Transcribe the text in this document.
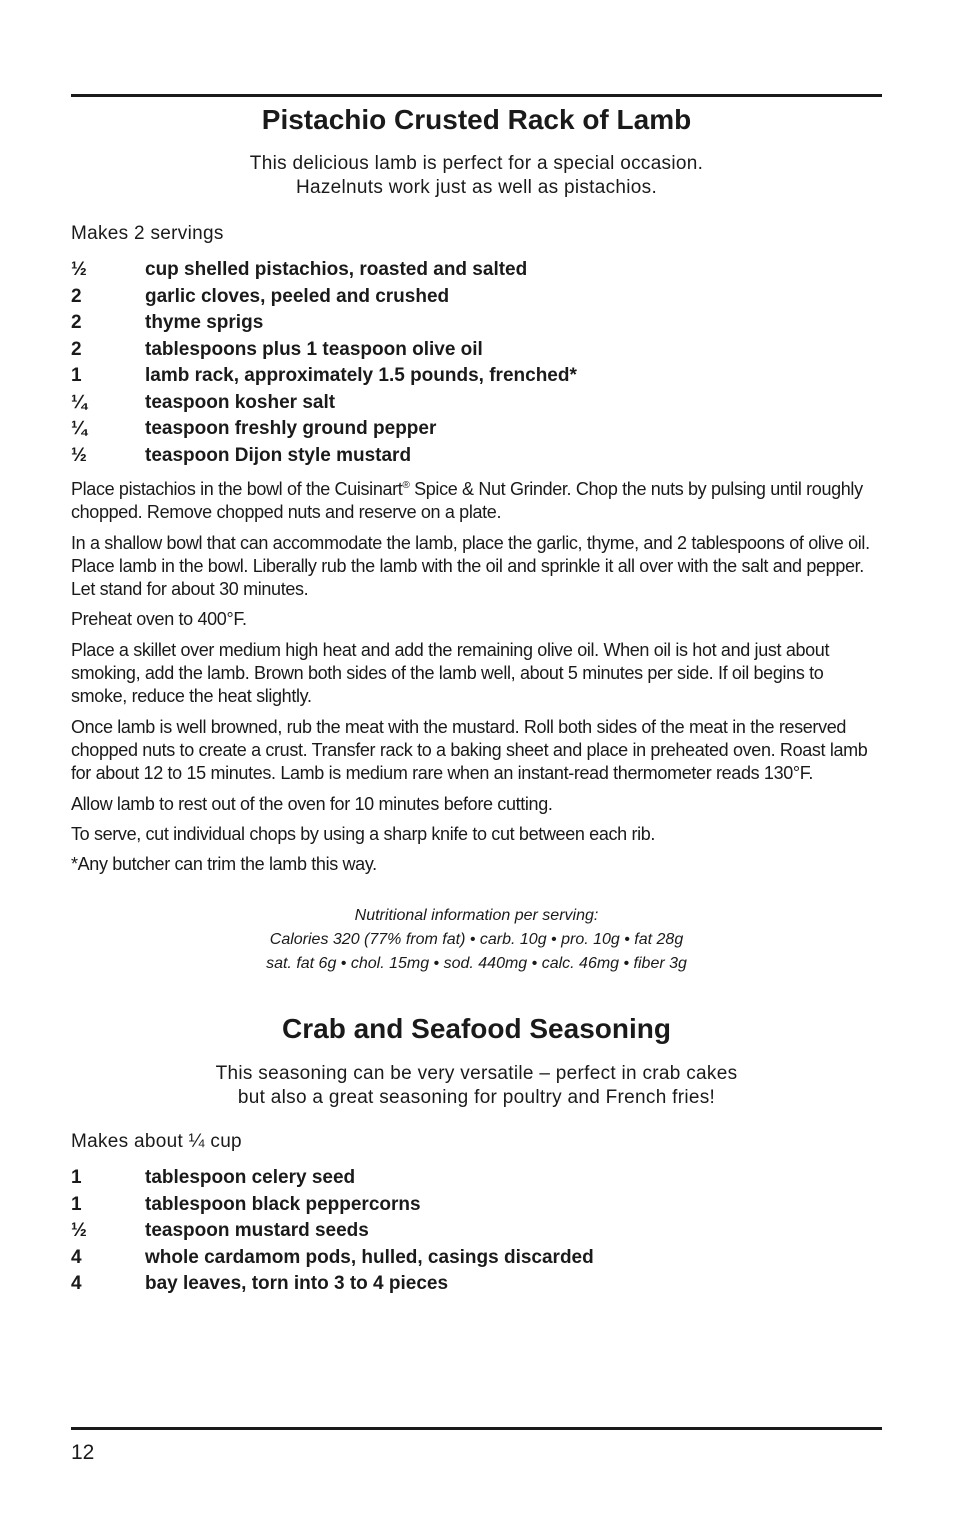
Pistachio Crusted Rack of Lamb

This delicious lamb is perfect for a special occasion.

Hazelnuts work just as well as pistachios.

Makes 2 servings

½	cup shelled pistachios, roasted and salted
2	garlic cloves, peeled and crushed
2	thyme sprigs
2	tablespoons plus 1 teaspoon olive oil
1	lamb rack, approximately 1.5 pounds, frenched*
¼	teaspoon kosher salt
¼	teaspoon freshly ground pepper
½	teaspoon Dijon style mustard

Place pistachios in the bowl of the Cuisinart® Spice & Nut Grinder. Chop the nuts by pulsing until roughly chopped. Remove chopped nuts and reserve on a plate.

In a shallow bowl that can accommodate the lamb, place the garlic, thyme, and 2 tablespoons of olive oil. Place lamb in the bowl. Liberally rub the lamb with the oil and sprinkle it all over with the salt and pepper. Let stand for about 30 minutes.

Preheat oven to 400°F.

Place a skillet over medium high heat and add the remaining olive oil. When oil is hot and just about smoking, add the lamb. Brown both sides of the lamb well, about 5 minutes per side. If oil begins to smoke, reduce the heat slightly.

Once lamb is well browned, rub the meat with the mustard. Roll both sides of the meat in the reserved chopped nuts to create a crust. Transfer rack to a baking sheet and place in preheated oven. Roast lamb for about 12 to 15 minutes. Lamb is medium rare when an instant-read thermometer reads 130°F.

Allow lamb to rest out of the oven for 10 minutes before cutting.

To serve, cut individual chops by using a sharp knife to cut between each rib.

*Any butcher can trim the lamb this way.

Nutritional information per serving:

Calories 320 (77% from fat) • carb. 10g • pro. 10g • fat 28g

sat. fat 6g • chol. 15mg • sod. 440mg • calc. 46mg • fiber 3g

Crab and Seafood Seasoning

This seasoning can be very versatile – perfect in crab cakes

but also a great seasoning for poultry and French fries!

Makes about ¼ cup

1	tablespoon celery seed
1	tablespoon black peppercorns
½	teaspoon mustard seeds
4	whole cardamom pods, hulled, casings discarded
4	bay leaves, torn into 3 to 4 pieces
12
